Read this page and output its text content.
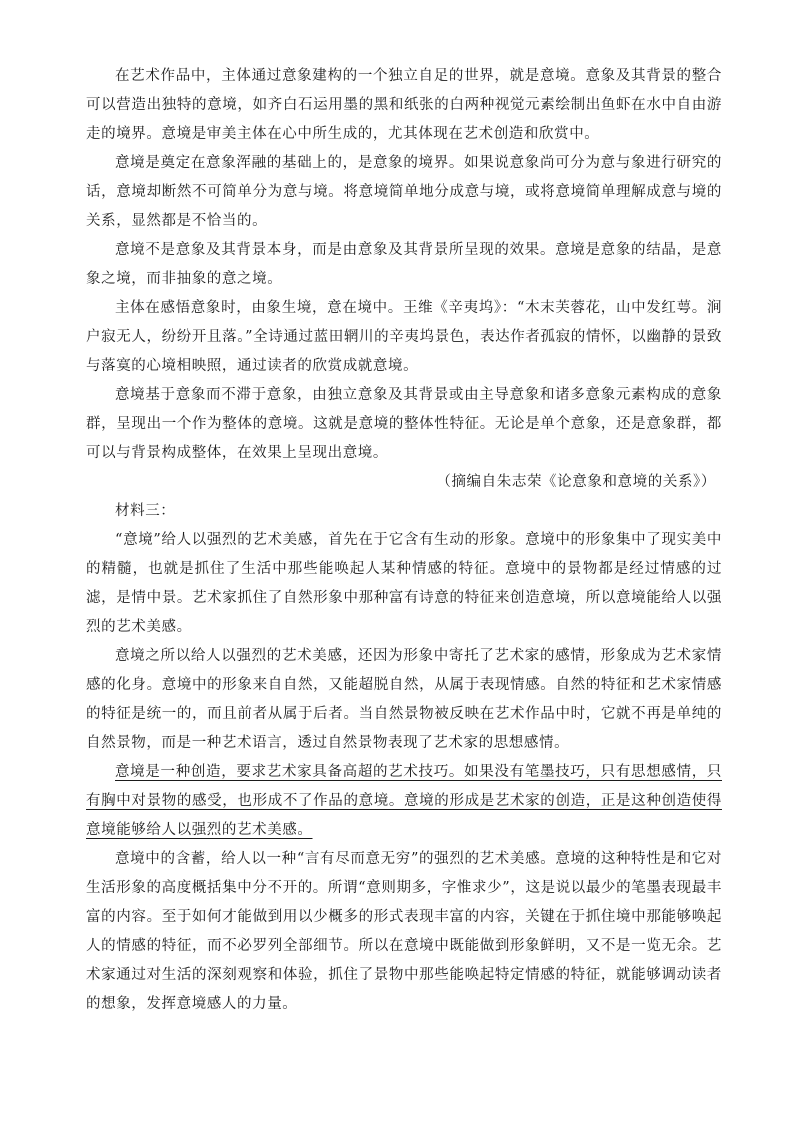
在艺术作品中，主体通过意象建构的一个独立自足的世界，就是意境。意象及其背景的整合可以营造出独特的意境，如齐白石运用墨的黑和纸张的白两种视觉元素绘制出鱼虾在水中自由游走的境界。意境是审美主体在心中所生成的，尤其体现在艺术创造和欣赏中。

意境是奠定在意象浑融的基础上的，是意象的境界。如果说意象尚可分为意与象进行研究的话，意境却断然不可简单分为意与境。将意境简单地分成意与境，或将意境简单理解成意与境的关系，显然都是不恰当的。

意境不是意象及其背景本身，而是由意象及其背景所呈现的效果。意境是意象的结晶，是意象之境，而非抽象的意之境。

主体在感悟意象时，由象生境，意在境中。王维《辛夷坞》：“木末芙蓉花，山中发红萼。涧户寂无人，纷纷开且落。”全诗通过蓝田辋川的辛夷坞景色，表达作者孤寂的情怀，以幽静的景致与落寞的心境相映照，通过读者的欣赏成就意境。

意境基于意象而不滞于意象，由独立意象及其背景或由主导意象和诸多意象元素构成的意象群，呈现出一个作为整体的意境。这就是意境的整体性特征。无论是单个意象，还是意象群，都可以与背景构成整体，在效果上呈现出意境。

（摘编自朱志荣《论意象和意境的关系》）

材料三：

“意境”给人以强烈的艺术美感，首先在于它含有生动的形象。意境中的形象集中了现实美中的精髓，也就是抓住了生活中那些能唤起人某种情感的特征。意境中的景物都是经过情感的过滤，是情中景。艺术家抓住了自然形象中那种富有诗意的特征来创造意境，所以意境能给人以强烈的艺术美感。

意境之所以给人以强烈的艺术美感，还因为形象中寄托了艺术家的感情，形象成为艺术家情感的化身。意境中的形象来自自然，又能超脱自然，从属于表现情感。自然的特征和艺术家情感的特征是统一的，而且前者从属于后者。当自然景物被反映在艺术作品中时，它就不再是单纯的自然景物，而是一种艺术语言，透过自然景物表现了艺术家的思想感情。

意境是一种创造，要求艺术家具备高超的艺术技巧。如果没有笔墨技巧，只有思想感情，只有胸中对景物的感受，也形成不了作品的意境。意境的形成是艺术家的创造，正是这种创造使得意境能够给人以强烈的艺术美感。

意境中的含蓄，给人以一种“言有尽而意无穷”的强烈的艺术美感。意境的这种特性是和它对生活形象的高度概括集中分不开的。所谓“意则期多，字惟求少”，这是说以最少的笔墨表现最丰富的内容。至于如何才能做到用以少概多的形式表现丰富的内容，关键在于抓住境中那能够唤起人的情感的特征，而不必罗列全部细节。所以在意境中既能做到形象鲜明，又不是一览无余。艺术家通过对生活的深刻观察和体验，抓住了景物中那些能唤起特定情感的特征，就能够调动读者的想象，发挥意境感人的力量。
